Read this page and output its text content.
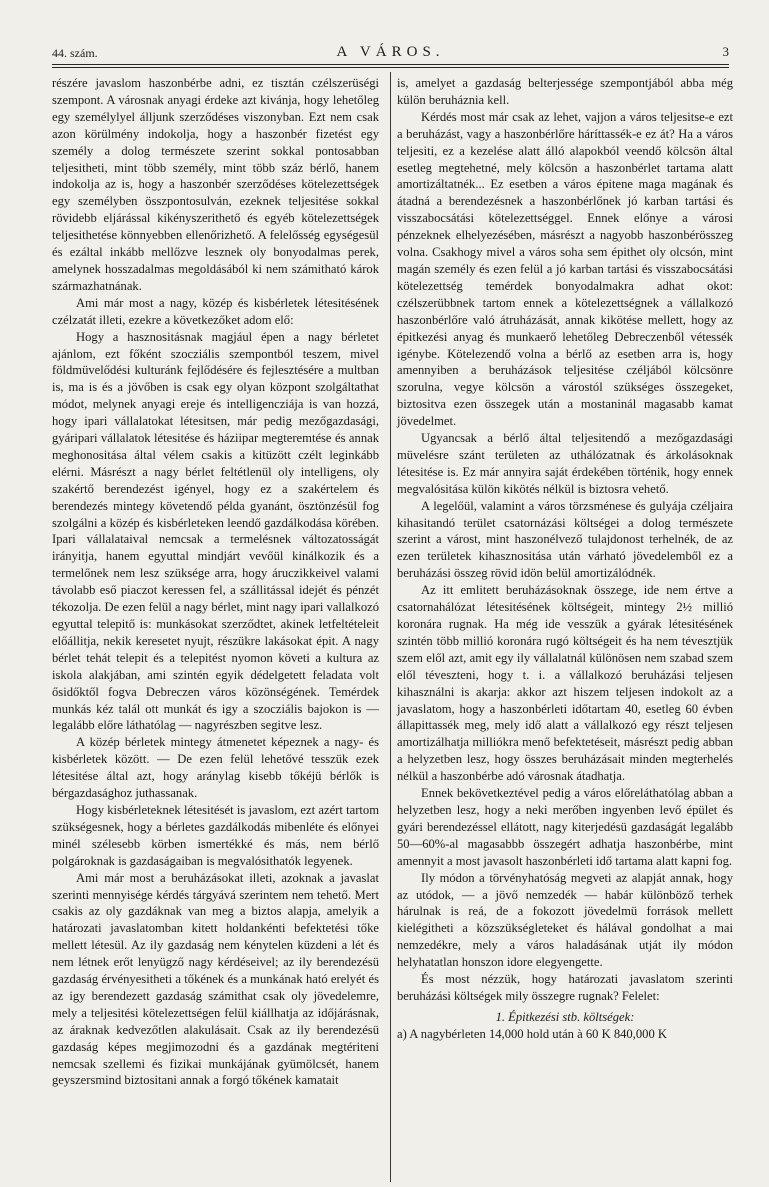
44. szám.	A VÁROS.	3

részére javaslom haszonbérbe adni, ez tisztán czélszerüségi szempont. A városnak anyagi érdeke azt kivánja, hogy lehetőleg egy személylyel álljunk szerződéses viszonyban. Ezt nem csak azon körülmény indokolja, hogy a haszonbér fizetést egy személy a dolog természete szerint sokkal pontosabban teljesitheti, mint több személy, mint több száz bérlő, hanem indokolja az is, hogy a haszonbér szerződéses kötelezettségek egy személyben összpontosulván, ezeknek teljesitése sokkal rövidebb eljárással kikényszerithető és egyéb kötelezettségek teljesithetése könnyebben ellenőrizhető. A felelősség egységesül és ezáltal inkább mellőzve lesznek oly bonyodalmas perek, amelynek hosszadalmas megoldásából ki nem számitható károk származhatnának.

Ami már most a nagy, közép és kisbérletek létesitésének czélzatát illeti, ezekre a következőket adom elő:

Hogy a hasznositásnak magjául épen a nagy bérletet ajánlom, ezt főként szocziális szempontból teszem, mivel földmüvelődési kulturánk fejlődésére és fejlesztésére a multban is, ma is és a jövőben is csak egy olyan központ szolgáltathat módot, melynek anyagi ereje és intelligencziája is van hozzá, hogy ipari vállalatokat létesitsen, már pedig mezőgazdasági, gyáripari vállalatok létesitése és háziipar megteremtése és annak meghonositása által vélem csakis a kitüzött czélt leginkább elérni. Másrészt a nagy bérlet feltétlenül oly intelligens, oly szakértő berendezést igényel, hogy ez a szakértelem és berendezés mintegy követendő példa gyanánt, ösztönzésül fog szolgálni a közép és kisbérleteken leendő gazdálkodása körében. Ipari vállalataival nemcsak a termelésnek változatosságát irányitja, hanem egyuttal mindjárt vevőül kinálkozik és a termelőnek nem lesz szüksége arra, hogy áruczikkeivel valami távolabb eső piaczot keressen fel, a szállitással idejét és pénzét tékozolja. De ezen felül a nagy bérlet, mint nagy ipari vallalkozó egyuttal telepitő is: munkásokat szerződtet, akinek letfeltételeit előállitja, nekik keresetet nyujt, részükre lakásokat épit. A nagy bérlet tehát telepit és a telepitést nyomon követi a kultura az iskola alakjában, ami szintén egyik dédelgetett feladata volt ősidőktől fogva Debreczen város közönségének. Temérdek munkás kéz talál ott munkát és igy a szocziális bajokon is — legalább előre láthatólag — nagyrészben segitve lesz.

A közép bérletek mintegy átmenetet képeznek a nagy- és kisbérletek között. — De ezen felül lehetővé tesszük ezek létesitése által azt, hogy aránylag kisebb tőkéjü bérlők is bérgazdasághoz juthassanak.

Hogy kisbérleteknek létesitését is javaslom, ezt azért tartom szükségesnek, hogy a bérletes gazdálkodás mibenléte és előnyei minél szélesebb körben ismertékké és más, nem bérlő polgároknak is gazdaságaiban is megvalósithatók legyenek.

Ami már most a beruházásokat illeti, azoknak a javaslat szerinti mennyisége kérdés tárgyává szerintem nem tehető. Mert csakis az oly gazdáknak van meg a biztos alapja, amelyik a határozati javaslatomban kitett holdankénti befektetési tőke mellett létesül. Az ily gazdaság nem kénytelen küzdeni a lét és nem létnek erőt lenyügző nagy kérdéseivel; az ily berendezésü gazdaság érvényesitheti a tőkének és a munkának ható erelyét és az igy berendezett gazdaság számithat csak oly jövedelemre, mely a teljesitési kötelezettségen felül kiállhatja az időjárásnak, az áraknak kedvezőtlen alakulásait. Csak az ily berendezésü gazdaság képes megjimozodni és a gazdának megtériteni nemcsak szellemi és fizikai munkájának gyümölcsét, hanem geyszersmind biztositani annak a forgó tőkének kamatait

is, amelyet a gazdaság belterjessége szempontjából abba még külön beruháznia kell.

Kérdés most már csak az lehet, vajjon a város teljesitse-e ezt a beruházást, vagy a haszonbérlőre háríttassék-e ez át? Ha a város teljesiti, ez a kezelése alatt álló alapokból veendő kölcsön által esetleg megtehetné, mely kölcsön a haszonbérlet tartama alatt amortizáltatnék... Ez esetben a város épitene maga magának és átadná a berendezésnek a haszonbérlőnek jó karban tartási és visszabocsátási kötelezettséggel. Ennek előnye a városi pénzeknek elhelyezésében, másrészt a nagyobb haszonbérösszeg volna. Csakhogy mivel a város soha sem épithet oly olcsón, mint magán személy és ezen felül a jó karban tartási és visszabocsátási kötelezettség temérdek bonyodalmakra adhat okot: czélszerübbnek tartom ennek a kötelezettségnek a vállalkozó haszonbérlőre való átruházását, annak kikötése mellett, hogy az épitkezési anyag és munkaerő lehetőleg Debreczenből vétessék igénybe. Kötelezendő volna a bérlő az esetben arra is, hogy amennyiben a beruházások teljesitése czéljából kölcsönre szorulna, vegye kölcsön a várostól szükséges összegeket, biztositva ezen összegek után a mostaninál magasabb kamat jövedelmet.

Ugyancsak a bérlő által teljesitendő a mezőgazdasági müvelésre szánt területen az uthálózatnak és árkolásoknak létesitése is. Ez már annyira saját érdekében történik, hogy ennek megvalósitása külön kikötés nélkül is biztosra vehető.

A legelőül, valamint a város törzsménese és gulyája czéljaira kihasitandó terület csatornázási költségei a dolog természete szerint a várost, mint haszonélvező tulajdonost terhelnék, de az ezen területek kihasznositása után várható jövedelemből ez a beruházási összeg rövid idön belül amortizálódnék.

Az itt emlitett beruházásoknak összege, ide nem értve a csatornahálózat létesitésének költségeit, mintegy 2½ millió koronára rugnak. Ha még ide vesszük a gyárak létesitésének szintén több millió koronára rugó költségeit és ha nem tévesztjük szem elől azt, amit egy ily vállalatnál különösen nem szabad szem elől téveszteni, hogy t. i. a vállalkozó beruházási teljesen kihasználni is akarja: akkor azt hiszem teljesen indokolt az a javaslatom, hogy a haszonbérleti időtartam 40, esetleg 60 évben állapittassék meg, mely idő alatt a vállalkozó egy részt teljesen amortizálhatja milliókra menő befektetéseit, másrészt pedig abban a helyzetben lesz, hogy összes beruházásait minden megterhelés nélkül a haszonbérbe adó városnak átadhatja.

Ennek bekövetkeztével pedig a város előreláthatólag abban a helyzetben lesz, hogy a neki merőben ingyenben levő épület és gyári berendezéssel ellátott, nagy kiterjedésü gazdaságát legalább 50—60%-al magasabbb összegért adhatja haszonbérbe, mint amennyit a most javasolt haszonbérleti idő tartama alatt kapni fog.

Ily módon a törvényhatóság megveti az alapját annak, hogy az utódok, — a jövő nemzedék — habár különböző terhek hárulnak is reá, de a fokozott jövedelmü források mellett kielégitheti a közszükségleteket és hálával gondolhat a mai nemzedékre, mely a város haladásának utját ily módon helyhatatlan honszon idore elegyengette.

És most nézzük, hogy határozati javaslatom szerinti beruházási költségek mily összegre rugnak? Felelet:

1. Épitkezési stb. költségek:

a) A nagybérleten 14,000 hold után à 60 K 840,000 K
